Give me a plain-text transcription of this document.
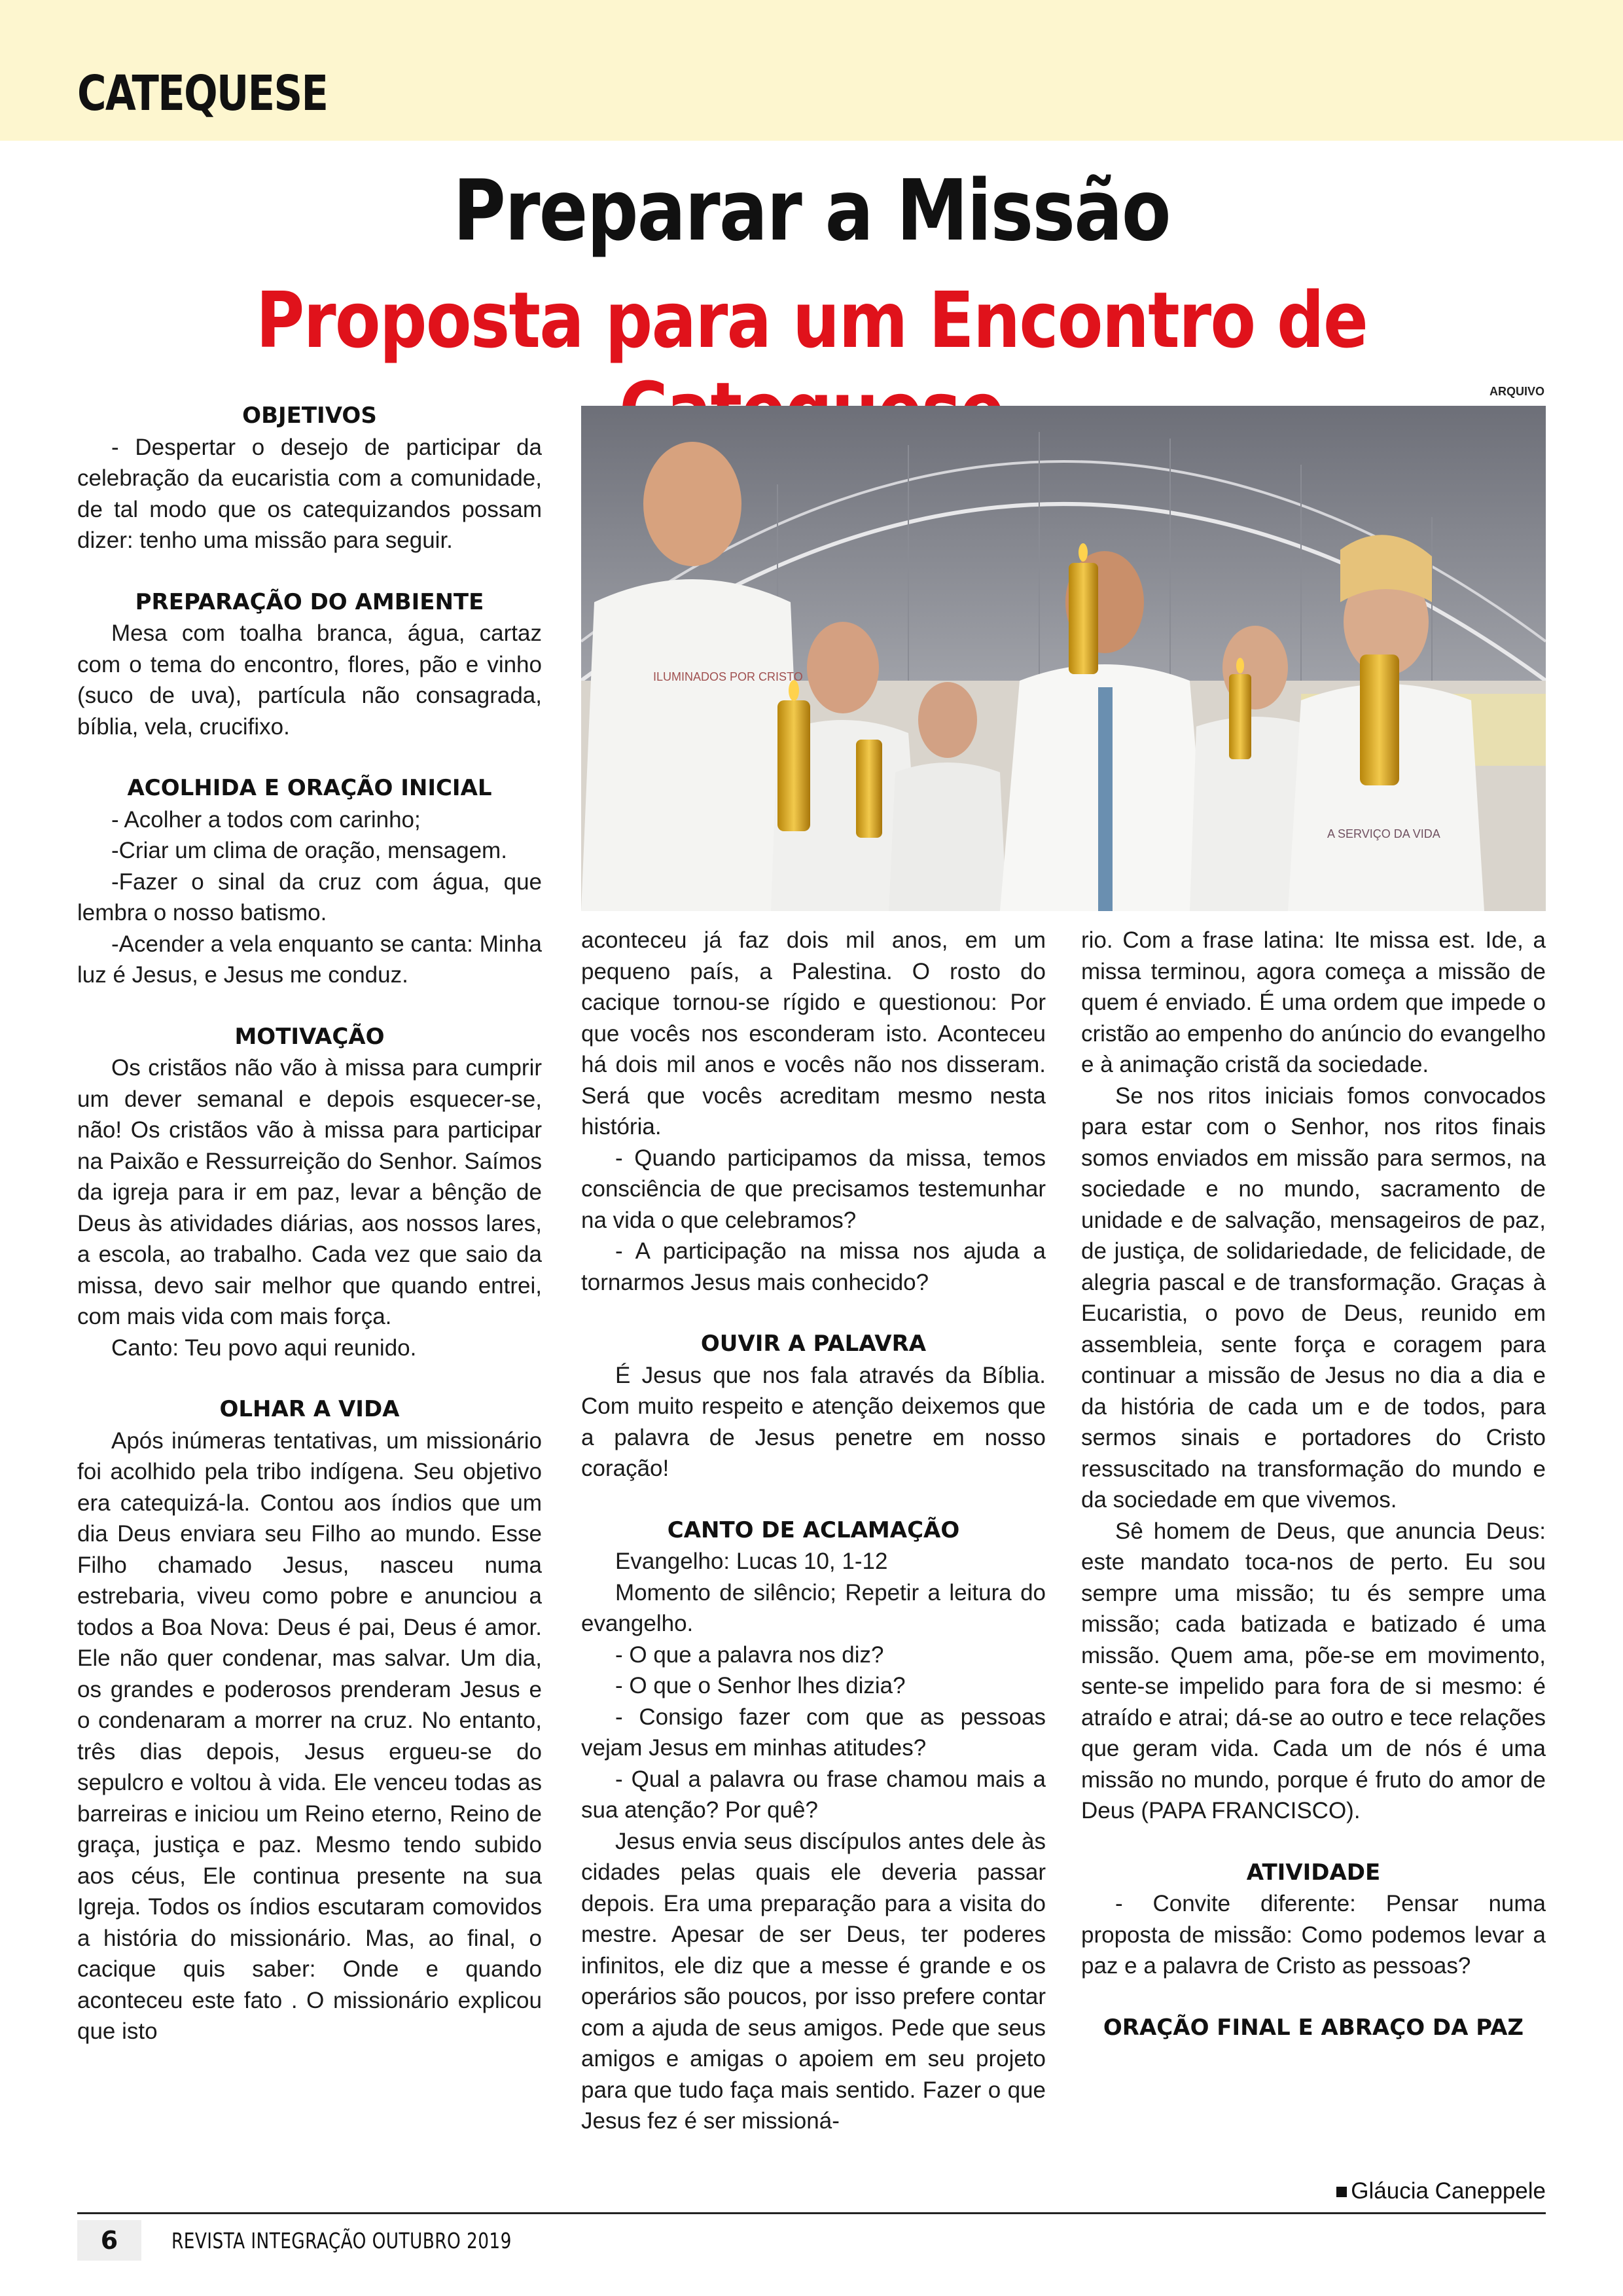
CATEQUESE
Preparar a Missão
Proposta para um Encontro de
OBJETIVOS

- Despertar o desejo de participar da celebração da eucaristia com a comunidade, de tal modo que os catequizandos possam dizer: tenho uma missão para seguir.

PREPARAÇÃO DO AMBIENTE

Mesa com toalha branca, água, cartaz com o tema do encontro, flores, pão e vinho (suco de uva), partícula não consagrada, bíblia, vela, crucifixo.

ACOLHIDA E ORAÇÃO INICIAL

- Acolher a todos com carinho;

-Criar um clima de oração, mensagem.

-Fazer o sinal da cruz com água, que lembra o nosso batismo.

-Acender a vela enquanto se canta: Minha luz é Jesus, e Jesus me conduz.

MOTIVAÇÃO

Os cristãos não vão à missa para cumprir um dever semanal e depois esquecer-se, não! Os cristãos vão à missa para participar na Paixão e Ressurreição do Senhor. Saímos da igreja para ir em paz, levar a bênção de Deus às atividades diárias, aos nossos lares, a escola, ao trabalho. Cada vez que saio da missa, devo sair melhor que quando entrei, com mais vida com mais força.

Canto: Teu povo aqui reunido.

OLHAR A VIDA

Após inúmeras tentativas, um missionário foi acolhido pela tribo indígena. Seu objetivo era catequizá-la. Contou aos índios que um dia Deus enviara seu Filho ao mundo. Esse Filho chamado Jesus, nasceu numa estrebaria, viveu como pobre e anunciou a todos a Boa Nova: Deus é pai, Deus é amor. Ele não quer condenar, mas salvar. Um dia, os grandes e poderosos prenderam Jesus e o condenaram a morrer na cruz. No entanto, três dias depois, Jesus ergueu-se do sepulcro e voltou à vida. Ele venceu todas as barreiras e iniciou um Reino eterno, Reino de graça, justiça e paz. Mesmo tendo subido aos céus, Ele continua presente na sua Igreja. Todos os índios escutaram comovidos a história do missionário. Mas, ao final, o cacique quis saber: Onde e quando aconteceu este fato . O missionário explicou que isto

ARQUIVO
ILUMINADOS POR CRISTO
A SERVIÇO DA VIDA

aconteceu já faz dois mil anos, em um pequeno país, a Palestina. O rosto do cacique tornou-se rígido e questionou: Por que vocês nos esconderam isto. Aconteceu há dois mil anos e vocês não nos disseram. Será que vocês acreditam mesmo nesta história.

- Quando participamos da missa, temos consciência de que precisamos testemunhar na vida o que celebramos?

- A participação na missa nos ajuda a tornarmos Jesus mais conhecido?

OUVIR A PALAVRA

É Jesus que nos fala através da Bíblia. Com muito respeito e atenção deixemos que a palavra de Jesus penetre em nosso coração!

CANTO DE ACLAMAÇÃO

Evangelho: Lucas 10, 1-12

Momento de silêncio; Repetir a leitura do evangelho.

- O que a palavra nos diz?

- O que o Senhor lhes dizia?

- Consigo fazer com que as pessoas vejam Jesus em minhas atitudes?

- Qual a palavra ou frase chamou mais a sua atenção? Por quê?

Jesus envia seus discípulos antes dele às cidades pelas quais ele deveria passar depois. Era uma preparação para a visita do mestre. Apesar de ser Deus, ter poderes infinitos, ele diz que a messe é grande e os operários são poucos, por isso prefere contar com a ajuda de seus amigos. Pede que seus amigos e amigas o apoiem em seu projeto para que tudo faça mais sentido. Fazer o que Jesus fez é ser missioná-

rio. Com a frase latina: Ite missa est. Ide, a missa terminou, agora começa a missão de quem é enviado. É uma ordem que impede o cristão ao empenho do anúncio do evangelho e à animação cristã da sociedade.

Se nos ritos iniciais fomos convocados para estar com o Senhor, nos ritos finais somos enviados em missão para sermos, na sociedade e no mundo, sacramento de unidade e de salvação, mensageiros de paz, de justiça, de solidariedade, de felicidade, de alegria pascal e de transformação. Graças à Eucaristia, o povo de Deus, reunido em assembleia, sente força e coragem para continuar a missão de Jesus no dia a dia e da história de cada um e de todos, para sermos sinais e portadores do Cristo ressuscitado na transformação do mundo e da sociedade em que vivemos.

Sê homem de Deus, que anuncia Deus: este mandato toca-nos de perto. Eu sou sempre uma missão; tu és sempre uma missão; cada batizada e batizado é uma missão. Quem ama, põe-se em movimento, sente-se impelido para fora de si mesmo: é atraído e atrai; dá-se ao outro e tece relações que geram vida. Cada um de nós é uma missão no mundo, porque é fruto do amor de Deus (PAPA FRANCISCO).

ATIVIDADE

- Convite diferente: Pensar numa proposta de missão: Como podemos levar a paz e a palavra de Cristo as pessoas?

ORAÇÃO FINAL E ABRAÇO DA PAZ
Gláucia Caneppele
6	REVISTA INTEGRAÇÃO OUTUBRO 2019
